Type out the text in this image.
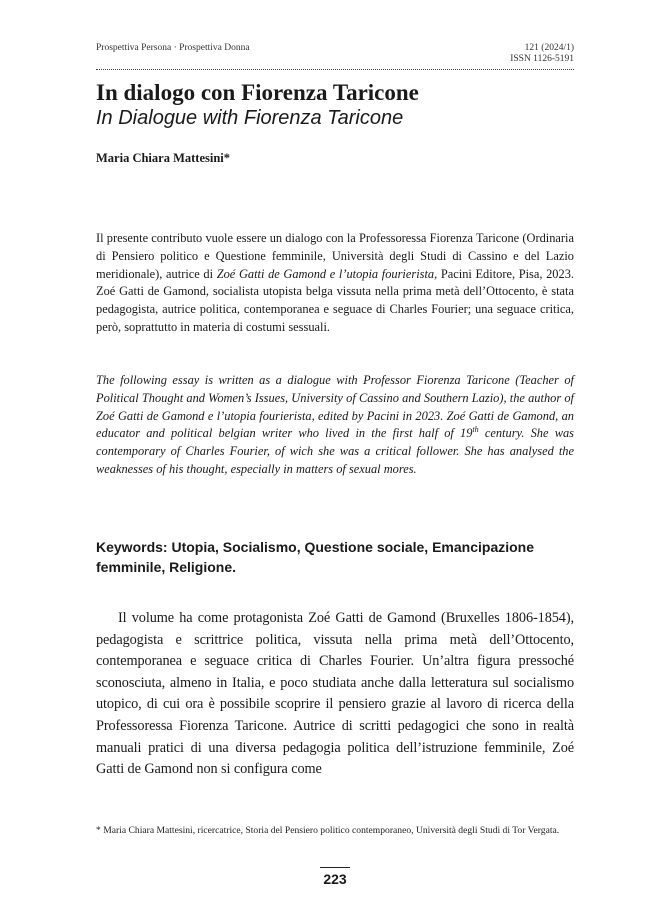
Prospettiva Persona · Prospettiva Donna	121 (2024/1)
ISSN 1126-5191
In dialogo con Fiorenza Taricone
In Dialogue with Fiorenza Taricone
Maria Chiara Mattesini*

Il presente contributo vuole essere un dialogo con la Professoressa Fiorenza Taricone (Ordinaria di Pensiero politico e Questione femminile, Università degli Studi di Cassino e del Lazio meridionale), autrice di Zoé Gatti de Gamond e l’utopia fourierista, Pacini Editore, Pisa, 2023. Zoé Gatti de Gamond, socialista utopista belga vissuta nella prima metà dell’Ottocento, è stata pedagogista, autrice politica, contemporanea e seguace di Charles Fourier; una seguace critica, però, soprattutto in materia di costumi sessuali.

The following essay is written as a dialogue with Professor Fiorenza Taricone (Teacher of Political Thought and Women’s Issues, University of Cassino and Southern Lazio), the author of Zoé Gatti de Gamond e l’utopia fourierista, edited by Pacini in 2023. Zoé Gatti de Gamond, an educator and political belgian writer who lived in the first half of 19th century. She was contemporary of Charles Fourier, of wich she was a critical follower. She has analysed the weaknesses of his thought, especially in matters of sexual mores.

Keywords: Utopia, Socialismo, Questione sociale, Emancipazione femminile, Religione.

Il volume ha come protagonista Zoé Gatti de Gamond (Bruxelles 1806-1854), pedagogista e scrittrice politica, vissuta nella prima metà dell’Ottocento, contemporanea e seguace critica di Charles Fourier. Un’altra figura pressoché sconosciuta, almeno in Italia, e poco studiata anche dalla letteratura sul socialismo utopico, di cui ora è possibile scoprire il pensiero grazie al lavoro di ricerca della Professoressa Fiorenza Taricone. Autrice di scritti pedagogici che sono in realtà manuali pratici di una diversa pedagogia politica dell’istruzione femminile, Zoé Gatti de Gamond non si configura come

* Maria Chiara Mattesini, ricercatrice, Storia del Pensiero politico contemporaneo, Università degli Studi di Tor Vergata.

223
